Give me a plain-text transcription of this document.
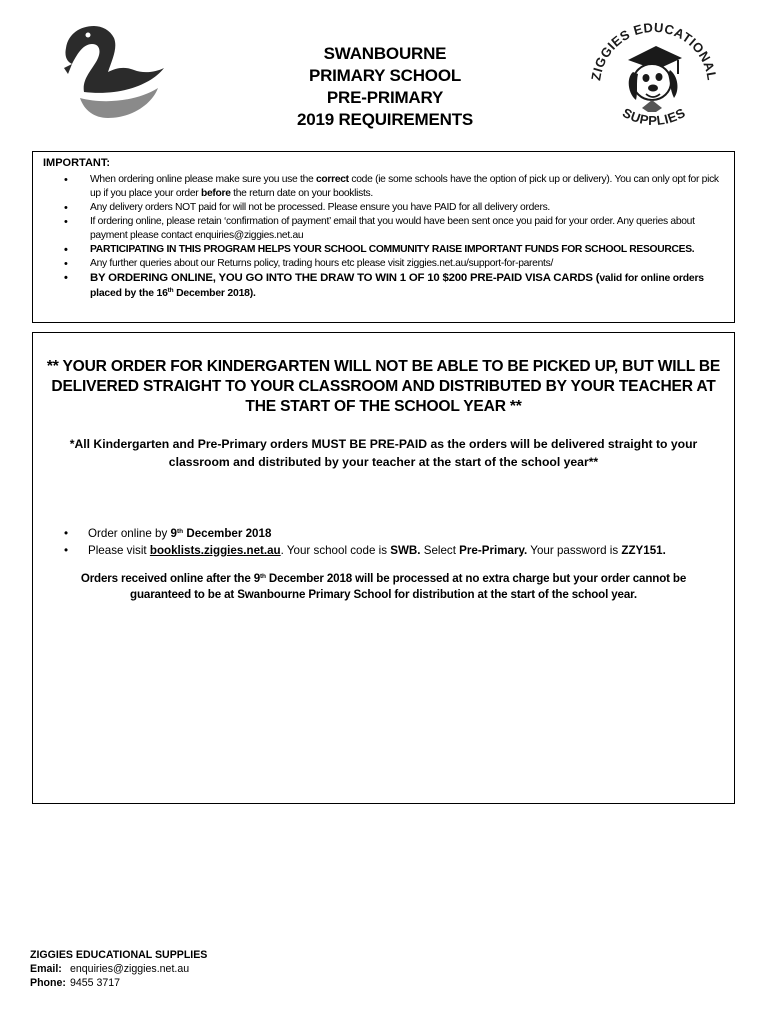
SWANBOURNE
PRIMARY SCHOOL
PRE-PRIMARY
2019 REQUIREMENTS
ZIGGIES EDUCATIONAL
SUPPLIES
IMPORTANT:
• When ordering online please make sure you use the correct code (ie some schools have the option of pick up or delivery). You can only opt for pick up if you place your order before the return date on your booklists.
• Any delivery orders NOT paid for will not be processed. Please ensure you have PAID for all delivery orders.
• If ordering online, please retain ‘confirmation of payment’ email that you would have been sent once you paid for your order. Any queries about payment please contact enquiries@ziggies.net.au
• PARTICIPATING IN THIS PROGRAM HELPS YOUR SCHOOL COMMUNITY RAISE IMPORTANT FUNDS FOR SCHOOL RESOURCES.
• Any further queries about our Returns policy, trading hours etc please visit ziggies.net.au/support-for-parents/
• BY ORDERING ONLINE, YOU GO INTO THE DRAW TO WIN 1 OF 10 $200 PRE-PAID VISA CARDS (valid for online orders placed by the 16th December 2018).
** YOUR ORDER FOR KINDERGARTEN WILL NOT BE ABLE TO BE PICKED UP, BUT WILL BE DELIVERED STRAIGHT TO YOUR CLASSROOM AND DISTRIBUTED BY YOUR TEACHER AT THE START OF THE SCHOOL YEAR **
*All Kindergarten and Pre-Primary orders MUST BE PRE-PAID as the orders will be delivered straight to your classroom and distributed by your teacher at the start of the school year**
• Order online by 9th December 2018
• Please visit booklists.ziggies.net.au. Your school code is SWB. Select Pre-Primary. Your password is ZZY151.
Orders received online after the 9th December 2018 will be processed at no extra charge but your order cannot be guaranteed to be at Swanbourne Primary School for distribution at the start of the school year.
ZIGGIES EDUCATIONAL SUPPLIES
Email: enquiries@ziggies.net.au
Phone: 9455 3717
